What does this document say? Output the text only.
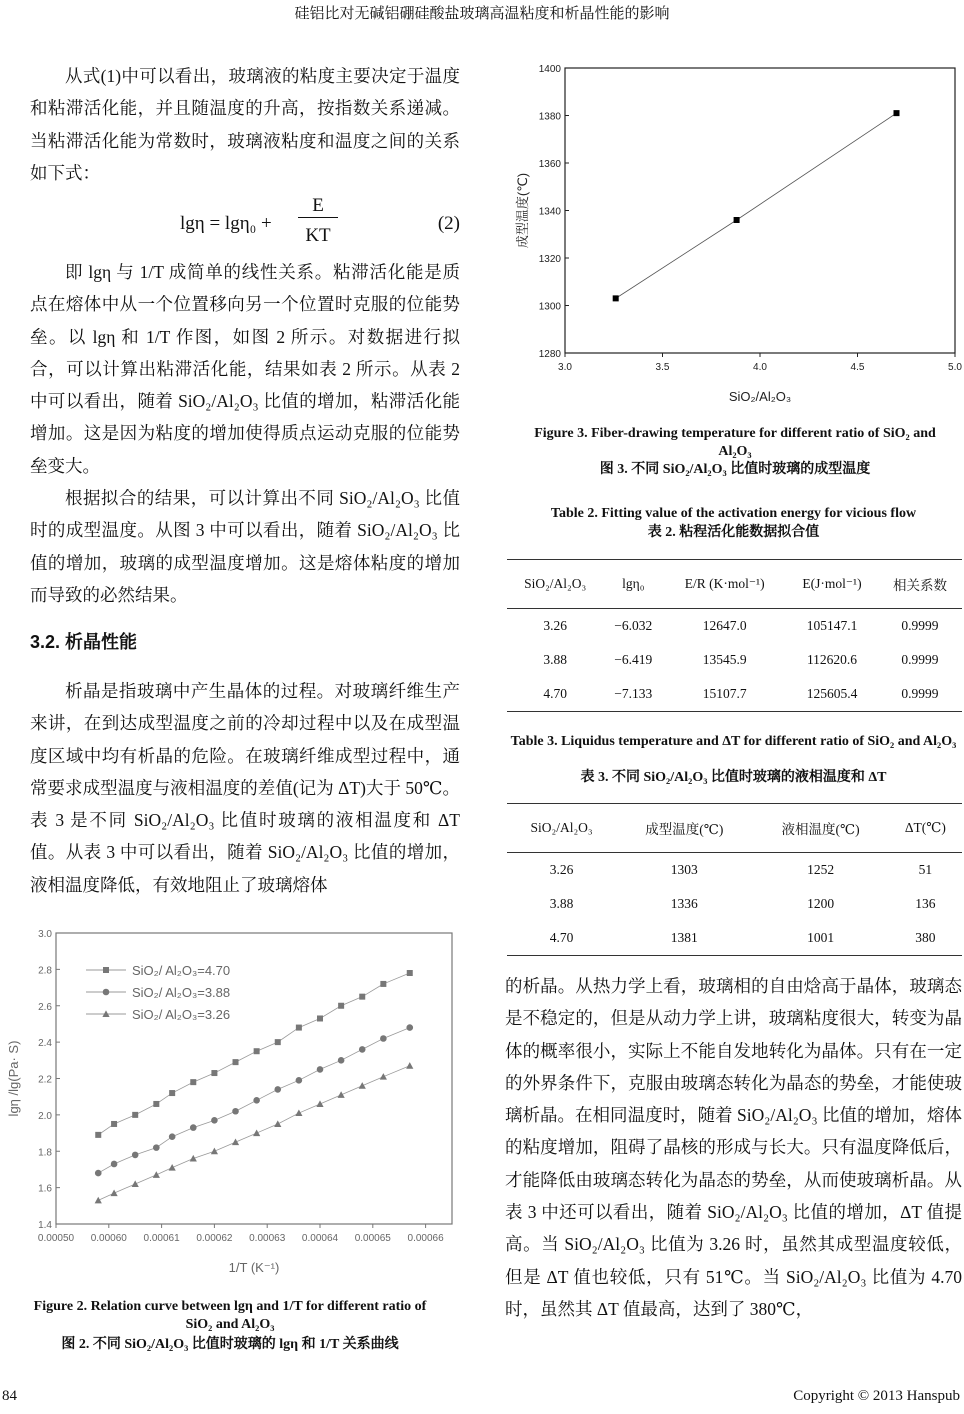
硅铝比对无碱铝硼硅酸盐玻璃高温粘度和析晶性能的影响

从式(1)中可以看出，玻璃液的粘度主要决定于温度和粘滞活化能，并且随温度的升高，按指数关系递减。当粘滞活化能为常数时，玻璃液粘度和温度之间的关系如下式：

lgη = lgη₀ +
E
KT
(2)

即 lgη 与 1/T 成简单的线性关系。粘滞活化能是质点在熔体中从一个位置移向另一个位置时克服的位能势垒。以 lgη 和 1/T 作图，如图 2 所示。对数据进行拟合，可以计算出粘滞活化能，结果如表 2 所示。从表 2 中可以看出，随着 SiO₂/Al₂O₃ 比值的增加，粘滞活化能增加。这是因为粘度的增加使得质点运动克服的位能势垒变大。

根据拟合的结果，可以计算出不同 SiO₂/Al₂O₃ 比值时的成型温度。从图 3 中可以看出，随着 SiO₂/Al₂O₃ 比值的增加，玻璃的成型温度增加。这是熔体粘度的增加而导致的必然结果。

3.2. 析晶性能

析晶是指玻璃中产生晶体的过程。对玻璃纤维生产来讲，在到达成型温度之前的冷却过程中以及在成型温度区域中均有析晶的危险。在玻璃纤维成型过程中，通常要求成型温度与液相温度的差值(记为 ΔT)大于 50℃。表 3 是不同 SiO₂/Al₂O₃ 比值时玻璃的液相温度和 ΔT 值。从表 3 中可以看出，随着 SiO₂/Al₂O₃ 比值的增加，液相温度降低，有效地阻止了玻璃熔体

1.4
1.6
1.8
2.0
2.2
2.4
2.6
2.8
3.0
0.00050 0.00060 0.00061 0.00062 0.00063 0.00064 0.00065 0.00066
1/T (K⁻¹)
lgη /lg(Pa· S)
SiO₂/ Al₂O₃=4.70
SiO₂/ Al₂O₃=3.88
SiO₂/ Al₂O₃=3.26
Figure 2. Relation curve between lgη and 1/T for different ratio of SiO₂ and Al₂O₃
图 2. 不同 SiO₂/Al₂O₃ 比值时玻璃的 lgη 和 1/T 关系曲线
1280
1300
1320
1340
1360
1380
1400
3.0	3.5	4.0	4.5	5.0
SiO₂/Al₂O₃
成型温度(℃)
Figure 3. Fiber-drawing temperature for different ratio of SiO₂ and Al₂O₃
图 3. 不同 SiO₂/Al₂O₃ 比值时玻璃的成型温度
Table 2. Fitting value of the activation energy for vicious flow
表 2. 粘程活化能数据拟合值
SiO₂/Al₂O₃	lgη₀	E/R (K·mol⁻¹)	E(J·mol⁻¹)	相关系数
3.26	−6.032	12647.0	105147.1	0.9999
3.88	−6.419	13545.9	112620.6	0.9999
4.70	−7.133	15107.7	125605.4	0.9999
Table 3. Liquidus temperature and ΔT for different ratio of SiO₂ and Al₂O₃
表 3. 不同 SiO₂/Al₂O₃ 比值时玻璃的液相温度和 ΔT
SiO₂/Al₂O₃	成型温度(℃)	液相温度(℃)	ΔT(℃)
3.26	1303	1252	51
3.88	1336	1200	136
4.70	1381	1001	380

的析晶。从热力学上看，玻璃相的自由焓高于晶体，玻璃态是不稳定的，但是从动力学上讲，玻璃粘度很大，转变为晶体的概率很小，实际上不能自发地转化为晶体。只有在一定的外界条件下，克服由玻璃态转化为晶态的势垒，才能使玻璃析晶。在相同温度时，随着 SiO₂/Al₂O₃ 比值的增加，熔体的粘度增加，阻碍了晶核的形成与长大。只有温度降低后，才能降低由玻璃态转化为晶态的势垒，从而使玻璃析晶。从表 3 中还可以看出，随着 SiO₂/Al₂O₃ 比值的增加，ΔT 值提高。当 SiO₂/Al₂O₃ 比值为 3.26 时，虽然其成型温度较低，但是 ΔT 值也较低，只有 51℃。当 SiO₂/Al₂O₃ 比值为 4.70 时，虽然其 ΔT 值最高，达到了 380℃，

84	Copyright © 2013 Hanspub
